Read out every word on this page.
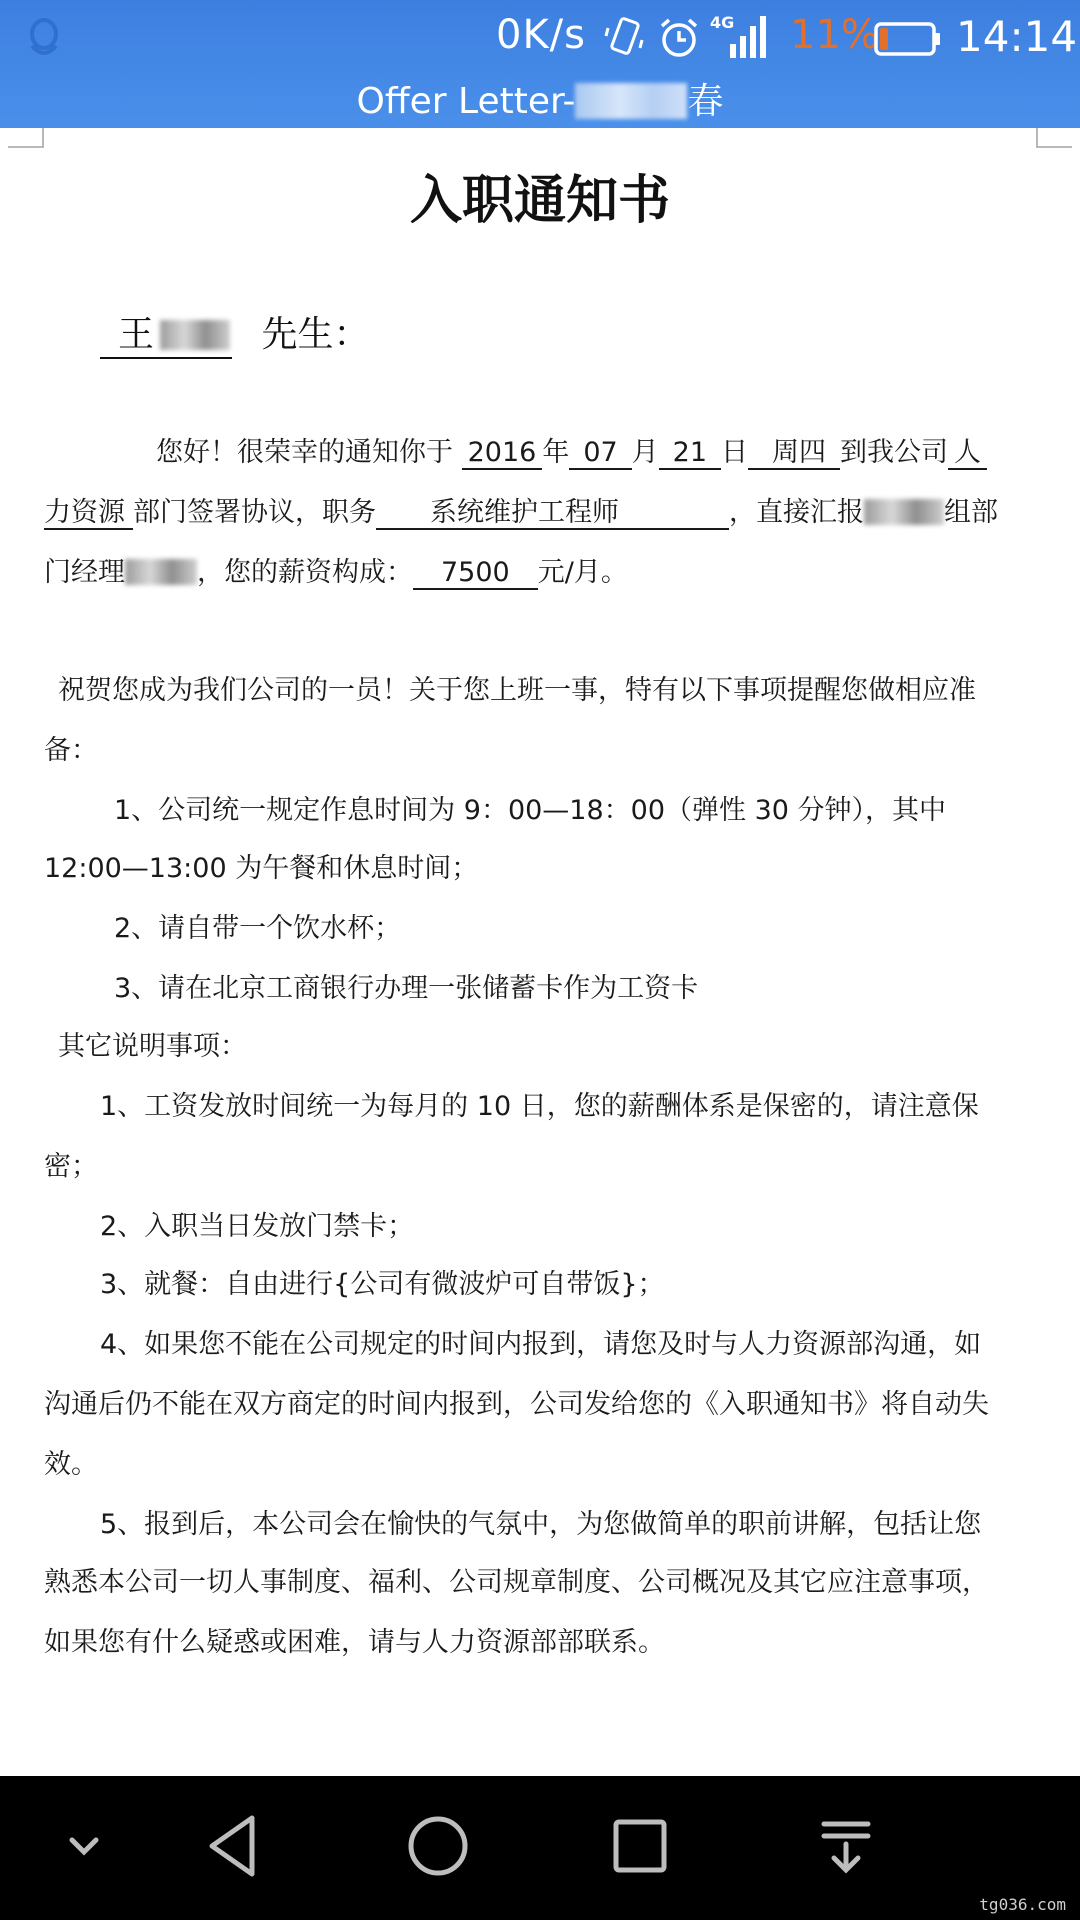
0K/s	4G 11% 14:14
Offer Letter-	春
入职通知书
王	先生：
您好！很荣幸的通知你于 2016 年 07 月 21 日 周四 到我公司 人
力资源 部门签署协议，职务 系统维护工程师	，直接汇报	组部
门经理	，您的薪资构成： 7500 元/月。
祝贺您成为我们公司的一员！关于您上班一事，特有以下事项提醒您做相应准
备：
1、公司统一规定作息时间为 9：00—18：00（弹性 30 分钟），其中
12:00—13:00 为午餐和休息时间；
2、请自带一个饮水杯；
3、请在北京工商银行办理一张储蓄卡作为工资卡
其它说明事项：
1、工资发放时间统一为每月的 10 日，您的薪酬体系是保密的，请注意保
密；
2、入职当日发放门禁卡；
3、就餐：自由进行{公司有微波炉可自带饭}；
4、如果您不能在公司规定的时间内报到，请您及时与人力资源部沟通，如
沟通后仍不能在双方商定的时间内报到，公司发给您的《入职通知书》将自动失
效。
5、报到后，本公司会在愉快的气氛中，为您做简单的职前讲解，包括让您
熟悉本公司一切人事制度、福利、公司规章制度、公司概况及其它应注意事项，
如果您有什么疑惑或困难，请与人力资源部部联系。
tg036.com
